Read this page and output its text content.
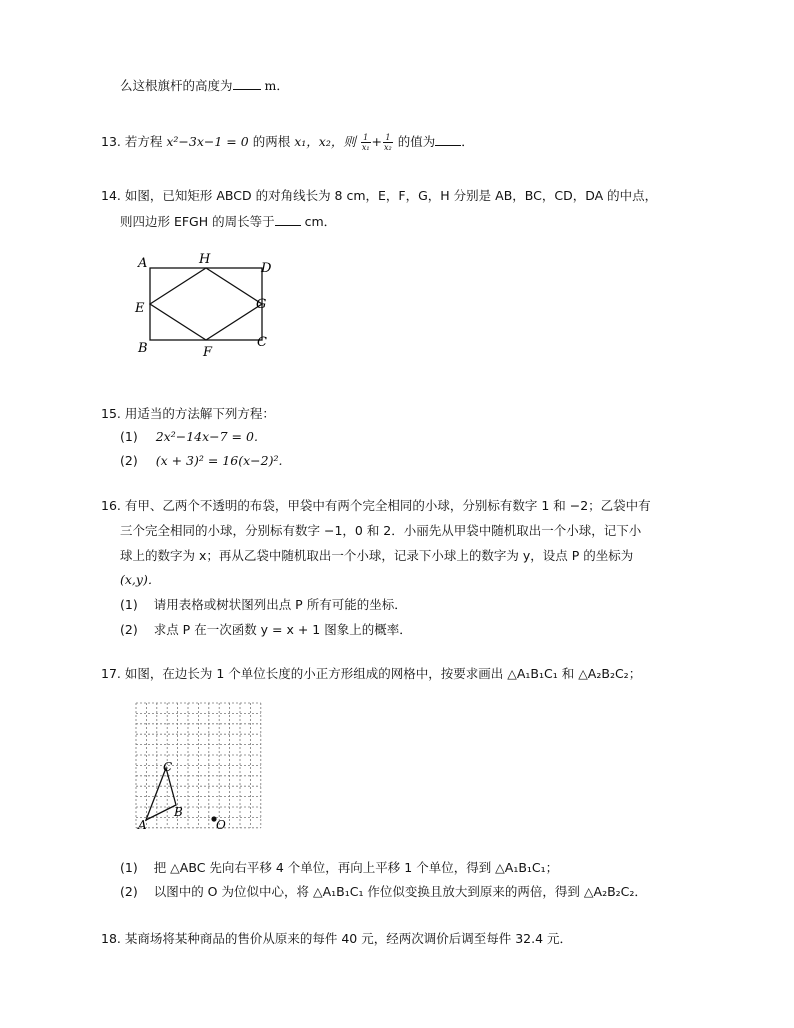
么这根旗杆的高度为	m．
13. 若方程 x²−3x−1 = 0 的两根 x₁，x₂，则 $\frac{1}{\text{x₁}} + \frac{1}{\text{x₂}}$ 的值为 ．
14. 如图，已知矩形 ABCD 的对角线长为 8 cm，E，F，G，H 分别是 AB，BC，CD，DA 的中点，
则四边形 EFGH 的周长等于 cm．
A	H
D
E	G
B	F
C
15. 用适当的方法解下列方程：
(1) 2x²−14x−7 = 0.
(2) (x + 3)² = 16(x−2)².
16. 有甲、乙两个不透明的布袋，甲袋中有两个完全相同的小球，分别标有数字 1 和 −2；乙袋中有
三个完全相同的小球，分别标有数字 −1，0 和 2．小丽先从甲袋中随机取出一个小球，记下小
球上的数字为 x；再从乙袋中随机取出一个小球，记录下小球上的数字为 y，设点 P 的坐标为
(x,y)．
(1) 请用表格或树状图列出点 P 所有可能的坐标．
(2) 求点 P 在一次函数 y = x + 1 图象上的概率．
17. 如图，在边长为 1 个单位长度的小正方形组成的网格中，按要求画出 △A₁B₁C₁ 和 △A₂B₂C₂；
A
B
C
O
(1) 把 △ABC 先向右平移 4 个单位，再向上平移 1 个单位，得到 △A₁B₁C₁；
(2) 以图中的 O 为位似中心，将 △A₁B₁C₁ 作位似变换且放大到原来的两倍，得到 △A₂B₂C₂．
18. 某商场将某种商品的售价从原来的每件 40 元，经两次调价后调至每件 32.4 元．
